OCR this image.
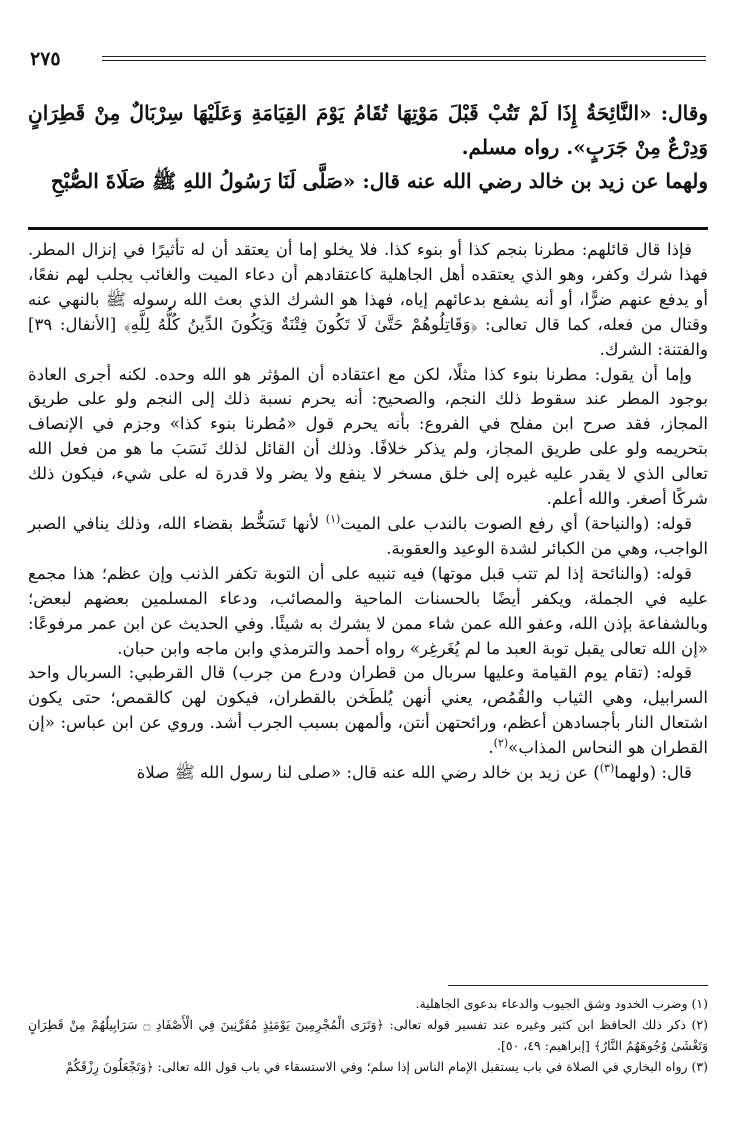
٢٧٥

وقال: «النَّائِحَةُ إِذَا لَمْ تَتُبْ قَبْلَ مَوْتِهَا تُقَامُ يَوْمَ القِيَامَةِ وَعَلَيْهَا سِرْبَالٌ مِنْ قَطِرَانٍ وَدِرْعٌ مِنْ جَرَبٍ». رواه مسلم.

ولهما عن زيد بن خالد رضي الله عنه قال: «صَلَّى لَنَا رَسُولُ اللهِ ﷺ صَلَاةَ الصُّبْحِ

فإذا قال قائلهم: مطرنا بنجم كذا أو بنوء كذا. فلا يخلو إما أن يعتقد أن له تأثيرًا في إنزال المطر. فهذا شرك وكفر، وهو الذي يعتقده أهل الجاهلية كاعتقادهم أن دعاء الميت والغائب يجلب لهم نفعًا، أو يدفع عنهم ضرًّا، أو أنه يشفع بدعائهم إياه، فهذا هو الشرك الذي بعث الله رسوله ﷺ بالنهي عنه وقتال من فعله، كما قال تعالى: ﴿وَقَاتِلُوهُمْ حَتَّىٰ لَا تَكُونَ فِتْنَةٌ وَيَكُونَ الدِّينُ كُلُّهُ لِلَّهِ﴾ [الأنفال: ٣٩] والفتنة: الشرك.

وإما أن يقول: مطرنا بنوء كذا مثلًا، لكن مع اعتقاده أن المؤثر هو الله وحده. لكنه أجرى العادة بوجود المطر عند سقوط ذلك النجم، والصحيح: أنه يحرم نسبة ذلك إلى النجم ولو على طريق المجاز، فقد صرح ابن مفلح في الفروع: بأنه يحرم قول «مُطرنا بنوء كذا» وجزم في الإنصاف بتحريمه ولو على طريق المجاز، ولم يذكر خلافًا. وذلك أن القائل لذلك نَسَبَ ما هو من فعل الله تعالى الذي لا يقدر عليه غيره إلى خلق مسخر لا ينفع ولا يضر ولا قدرة له على شيء، فيكون ذلك شركًا أصغر. والله أعلم.

قوله: (والنياحة) أي رفع الصوت بالندب على الميت$^{(١)}$ لأنها تَسَخُّط بقضاء الله، وذلك ينافي الصبر الواجب، وهي من الكبائر لشدة الوعيد والعقوبة.

قوله: (والنائحة إذا لم تتب قبل موتها) فيه تنبيه على أن التوبة تكفر الذنب وإن عظم؛ هذا مجمع عليه في الجملة، ويكفر أيضًا بالحسنات الماحية والمصائب، ودعاء المسلمين بعضهم لبعض؛ وبالشفاعة بإذن الله، وعفو الله عمن شاء ممن لا يشرك به شيئًا. وفي الحديث عن ابن عمر مرفوعًا: «إن الله تعالى يقبل توبة العبد ما لم يُغَرغِر» رواه أحمد والترمذي وابن ماجه وابن حبان.

قوله: (تقام يوم القيامة وعليها سربال من قطران ودرع من جرب) قال القرطبي: السربال واحد السرابيل، وهي الثياب والقُمُص، يعني أنهن يُلطَخن بالقطران، فيكون لهن كالقمص؛ حتى يكون اشتعال النار بأجسادهن أعظم، ورائحتهن أنتن، وألمهن بسبب الجرب أشد. وروي عن ابن عباس: «إن القطران هو النحاس المذاب»$^{(٢)}$.

قال: (ولهما$^{(٣)}$) عن زيد بن خالد رضي الله عنه قال: «صلى لنا رسول الله ﷺ صلاة

(١) وضرب الخدود وشق الجيوب والدعاء بدعوى الجاهلية.

(٢) ذكر ذلك الحافظ ابن كثير وغيره عند تفسير قوله تعالى: ﴿وَتَرَى الْمُجْرِمِينَ يَوْمَئِذٍ مُقَرَّنِينَ فِي الْأَصْفَادِ ۝ سَرَابِيلُهُمْ مِنْ قَطِرَانٍ وَتَغْشَىٰ وُجُوهَهُمُ النَّارُ﴾ [إبراهيم: ٤٩، ٥٠].

(٣) رواه البخاري في الصلاة في باب يستقبل الإمام الناس إذا سلم؛ وفي الاستسقاء في باب قول الله تعالى: ﴿وَتَجْعَلُونَ رِزْقَكُمْ
